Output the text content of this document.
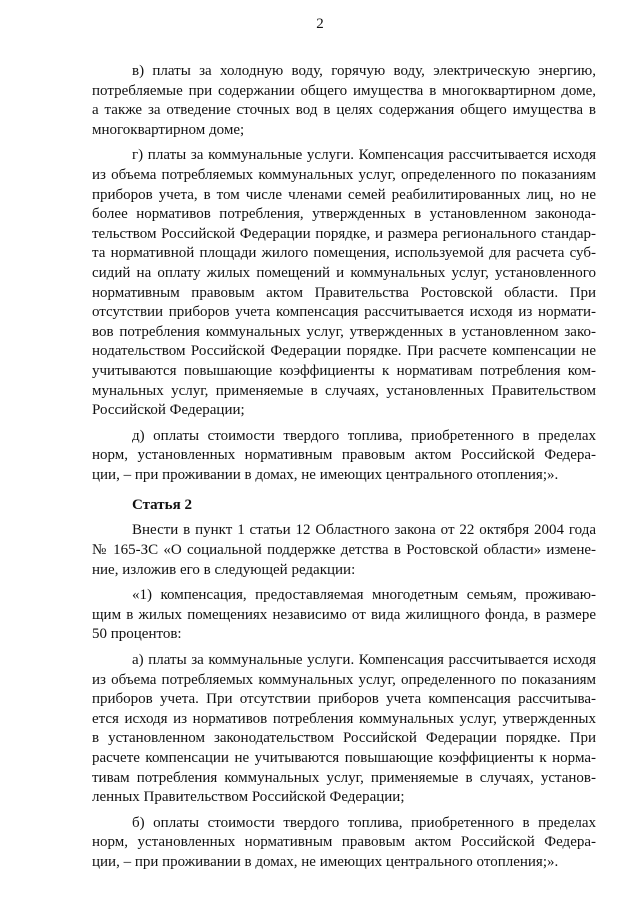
2
в) платы за холодную воду, горячую воду, электрическую энергию,
потребляемые при содержании общего имущества в многоквартирном доме,
а также за отведение сточных вод в целях содержания общего имущества в
многоквартирном доме;
г) платы за коммунальные услуги. Компенсация рассчитывается исходя
из объема потребляемых коммунальных услуг, определенного по показаниям
приборов учета, в том числе членами семей реабилитированных лиц, но не
более нормативов потребления, утвержденных в установленном законода-
тельством Российской Федерации порядке, и размера регионального стандар-
та нормативной площади жилого помещения, используемой для расчета суб-
сидий на оплату жилых помещений и коммунальных услуг, установленного
нормативным правовым актом Правительства Ростовской области. При
отсутствии приборов учета компенсация рассчитывается исходя из нормати-
вов потребления коммунальных услуг, утвержденных в установленном зако-
нодательством Российской Федерации порядке. При расчете компенсации не
учитываются повышающие коэффициенты к нормативам потребления ком-
мунальных услуг, применяемые в случаях, установленных Правительством
Российской Федерации;
д) оплаты стоимости твердого топлива, приобретенного в пределах
норм, установленных нормативным правовым актом Российской Федера-
ции, – при проживании в домах, не имеющих центрального отопления;».
Статья 2
Внести в пункт 1 статьи 12 Областного закона от 22 октября 2004 года
№ 165-ЗС «О социальной поддержке детства в Ростовской области» измене-
ние, изложив его в следующей редакции:
«1) компенсация, предоставляемая многодетным семьям, проживаю-
щим в жилых помещениях независимо от вида жилищного фонда, в размере
50 процентов:
а) платы за коммунальные услуги. Компенсация рассчитывается исходя
из объема потребляемых коммунальных услуг, определенного по показаниям
приборов учета. При отсутствии приборов учета компенсация рассчитыва-
ется исходя из нормативов потребления коммунальных услуг, утвержденных
в установленном законодательством Российской Федерации порядке. При
расчете компенсации не учитываются повышающие коэффициенты к норма-
тивам потребления коммунальных услуг, применяемые в случаях, установ-
ленных Правительством Российской Федерации;
б) оплаты стоимости твердого топлива, приобретенного в пределах
норм, установленных нормативным правовым актом Российской Федера-
ции, – при проживании в домах, не имеющих центрального отопления;».
